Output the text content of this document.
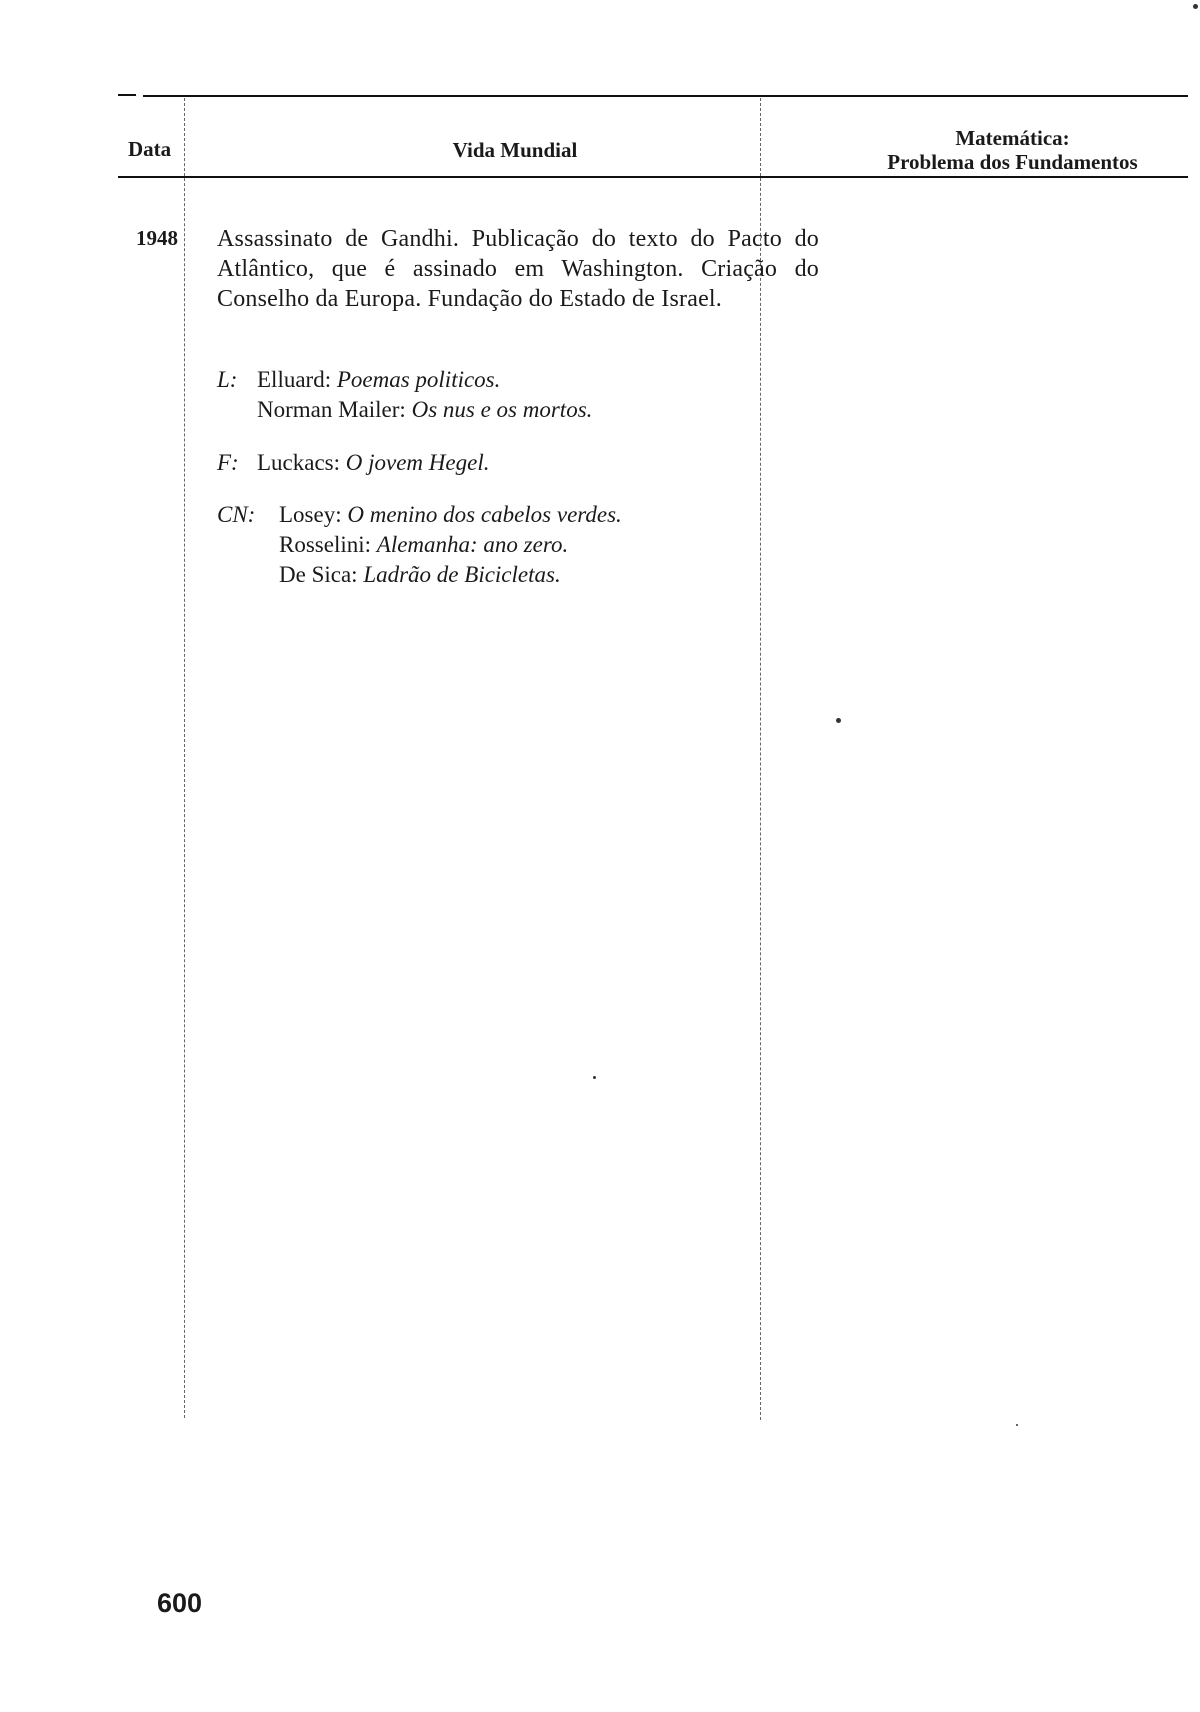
Data	Vida Mundial	Matemática:
Problema dos Fundamentos
1948 Assassinato de Gandhi. Publicação do texto do Pacto do Atlântico, que é assinado em Washington. Criação do Conselho da Europa. Fundação do Estado de Israel.
L: Elluard: Poemas politicos.
Norman Mailer: Os nus e os mortos.
F: Luckacs: O jovem Hegel.
CN: Losey: O menino dos cabelos verdes.
Rosselini: Alemanha: ano zero.
De Sica: Ladrão de Bicicletas.
600
